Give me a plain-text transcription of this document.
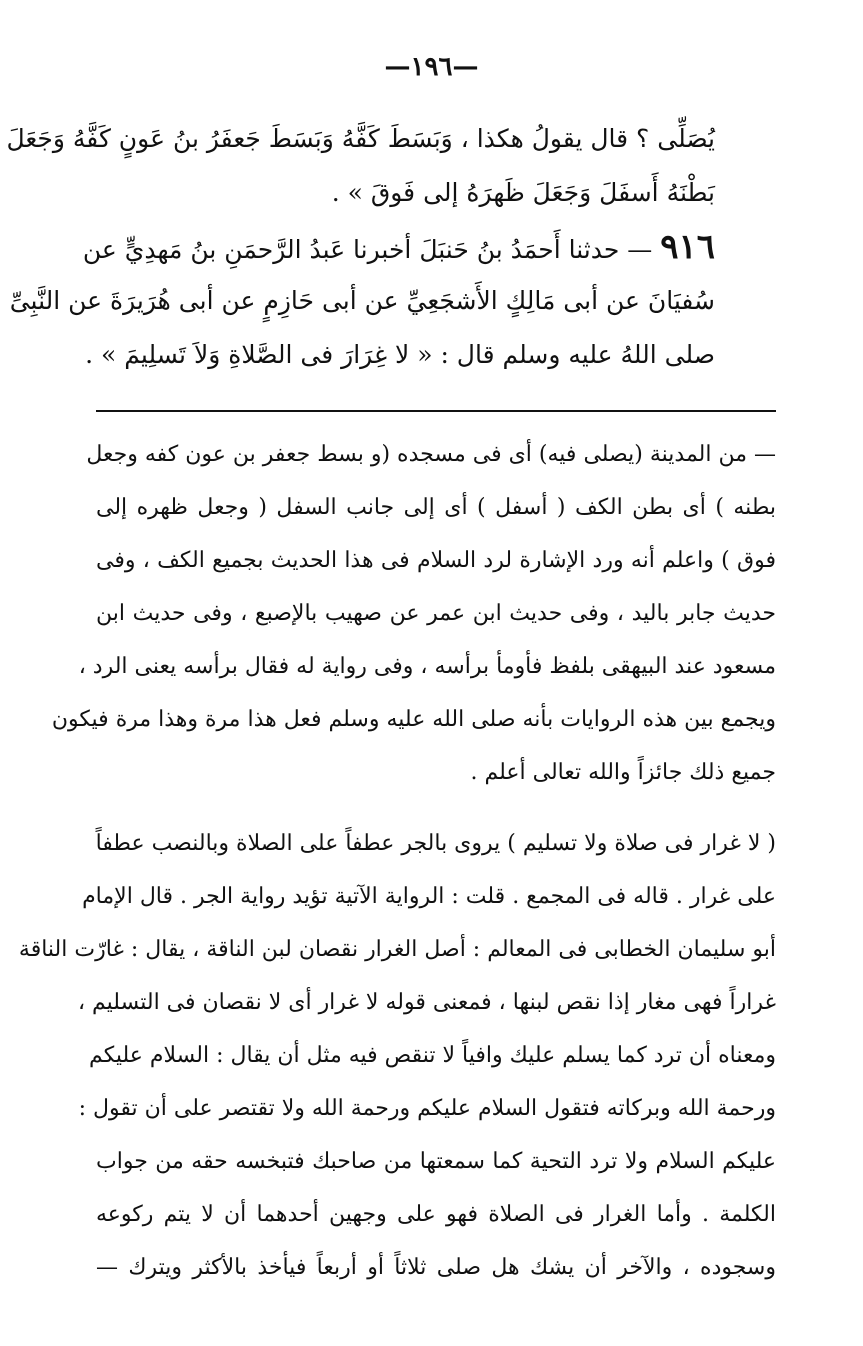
—١٩٦—
يُصَلِّى ؟ قال يقولُ هكذا ، وَبَسَطَ كَفَّهُ وَبَسَطَ جَعفَرُ بنُ عَونٍ كَفَّهُ وَجَعَلَ
بَطْنَهُ أَسفَلَ وَجَعَلَ ظَهرَهُ إلى فَوقَ » .
٩١٦ — حدثنا أَحمَدُ بنُ حَنبَلَ أخبرنا عَبدُ الرَّحمَنِ بنُ مَهدِيٍّ عن
سُفيَانَ عن أبى مَالِكٍ الأَشجَعِيِّ عن أبى حَازِمٍ عن أبى هُرَيرَةَ عن النَّبِىِّ
صلى اللهُ عليه وسلم قال : « لا غِرَارَ فى الصَّلاةِ وَلاَ تَسلِيمَ » .
— من المدينة (يصلى فيه) أى فى مسجده (و بسط جعفر بن عون كفه وجعل
بطنه ) أى بطن الكف ( أسفل ) أى إلى جانب السفل ( وجعل ظهره إلى
فوق ) واعلم أنه ورد الإشارة لرد السلام فى هذا الحديث بجميع الكف ، وفى
حديث جابر باليد ، وفى حديث ابن عمر عن صهيب بالإصبع ، وفى حديث ابن
مسعود عند البيهقى بلفظ فأومأ برأسه ، وفى رواية له فقال برأسه يعنى الرد ،
ويجمع بين هذه الروايات بأنه صلى الله عليه وسلم فعل هذا مرة وهذا مرة فيكون
جميع ذلك جائزاً والله تعالى أعلم .
( لا غرار فى صلاة ولا تسليم ) يروى بالجر عطفاً على الصلاة وبالنصب عطفاً
على غرار . قاله فى المجمع . قلت : الرواية الآتية تؤيد رواية الجر . قال الإمام
أبو سليمان الخطابى فى المعالم : أصل الغرار نقصان لبن الناقة ، يقال : غارّت الناقة
غراراً فهى مغار إذا نقص لبنها ، فمعنى قوله لا غرار أى لا نقصان فى التسليم ،
ومعناه أن ترد كما يسلم عليك وافياً لا تنقص فيه مثل أن يقال : السلام عليكم
ورحمة الله وبركاته فتقول السلام عليكم ورحمة الله ولا تقتصر على أن تقول :
عليكم السلام ولا ترد التحية كما سمعتها من صاحبك فتبخسه حقه من جواب
الكلمة . وأما الغرار فى الصلاة فهو على وجهين أحدهما أن لا يتم ركوعه
وسجوده ، والآخر أن يشك هل صلى ثلاثاً أو أربعاً فيأخذ بالأكثر ويترك —
